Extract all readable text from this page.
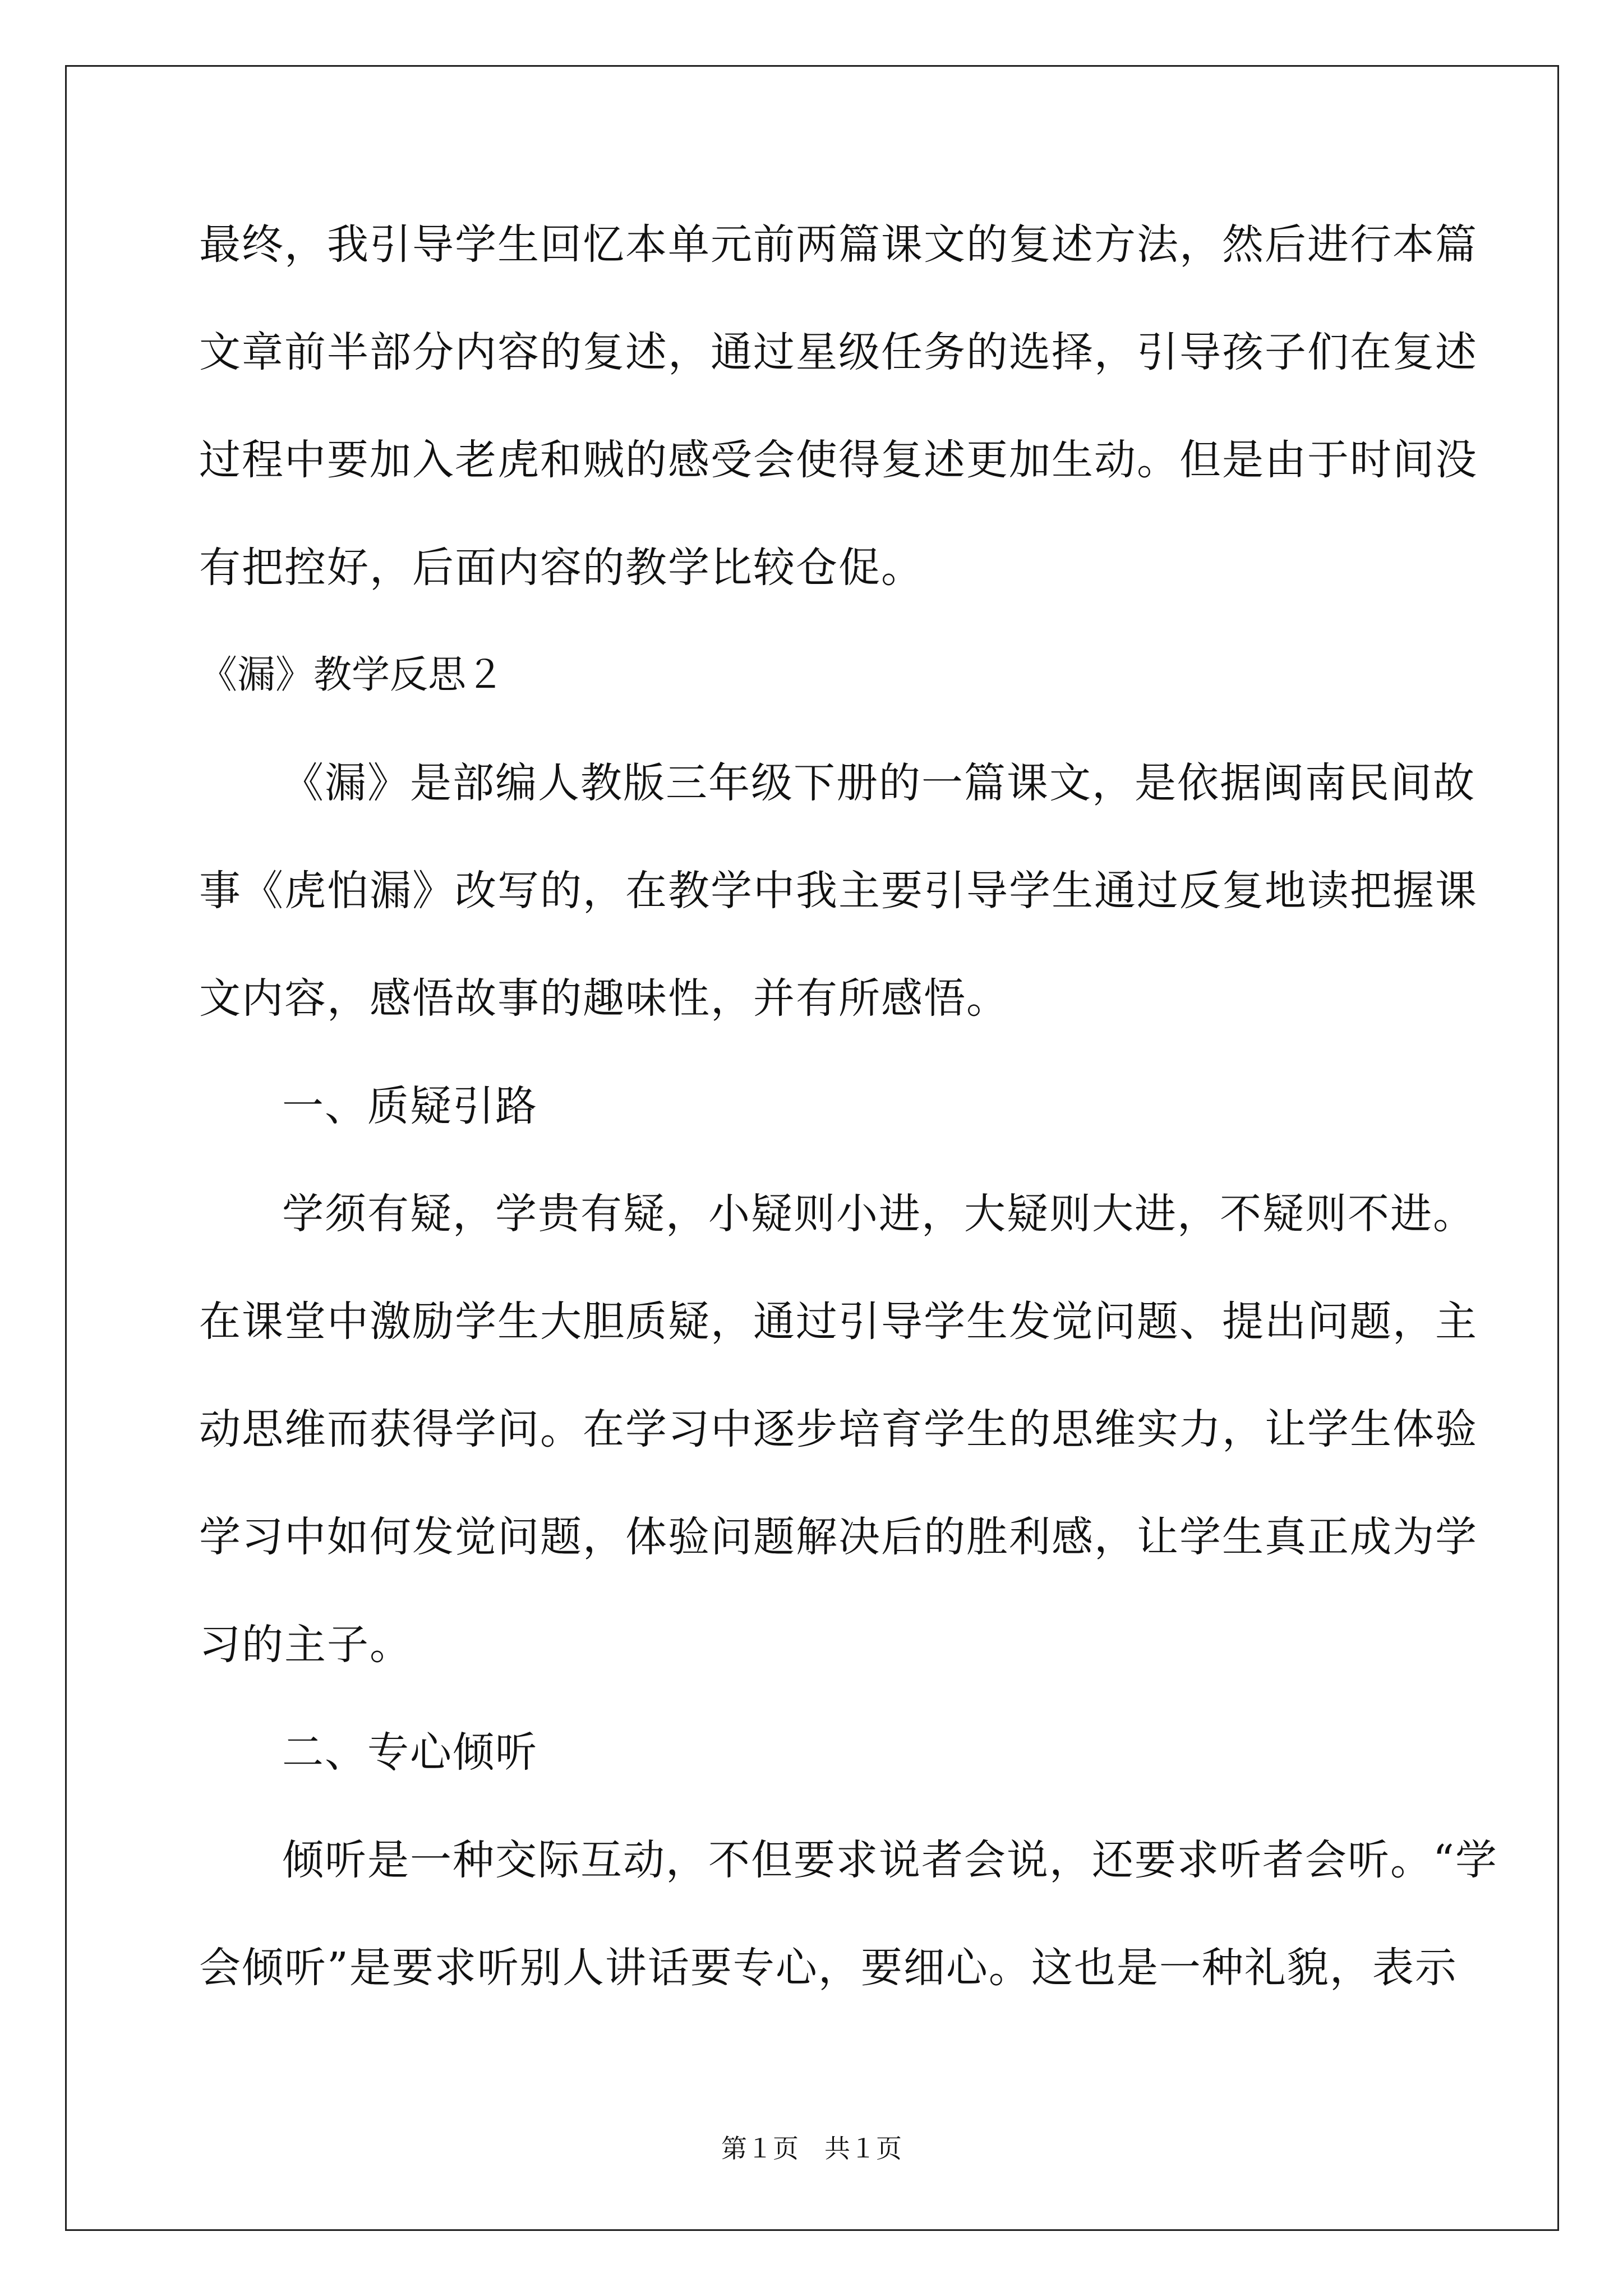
最终，我引导学生回忆本单元前两篇课文的复述方法，然后进行本篇
文章前半部分内容的复述，通过星级任务的选择，引导孩子们在复述
过程中要加入老虎和贼的感受会使得复述更加生动。但是由于时间没
有把控好，后面内容的教学比较仓促。
《漏》教学反思２
《漏》是部编人教版三年级下册的一篇课文，是依据闽南民间故
事《虎怕漏》改写的，在教学中我主要引导学生通过反复地读把握课
文内容，感悟故事的趣味性，并有所感悟。
一、质疑引路
学须有疑，学贵有疑，小疑则小进，大疑则大进，不疑则不进。
在课堂中激励学生大胆质疑，通过引导学生发觉问题、提出问题，主
动思维而获得学问。在学习中逐步培育学生的思维实力，让学生体验
学习中如何发觉问题，体验问题解决后的胜利感，让学生真正成为学
习的主子。
二、专心倾听
倾听是一种交际互动，不但要求说者会说，还要求听者会听。“学
会倾听”是要求听别人讲话要专心，要细心。这也是一种礼貌，表示
第１页　共１页
